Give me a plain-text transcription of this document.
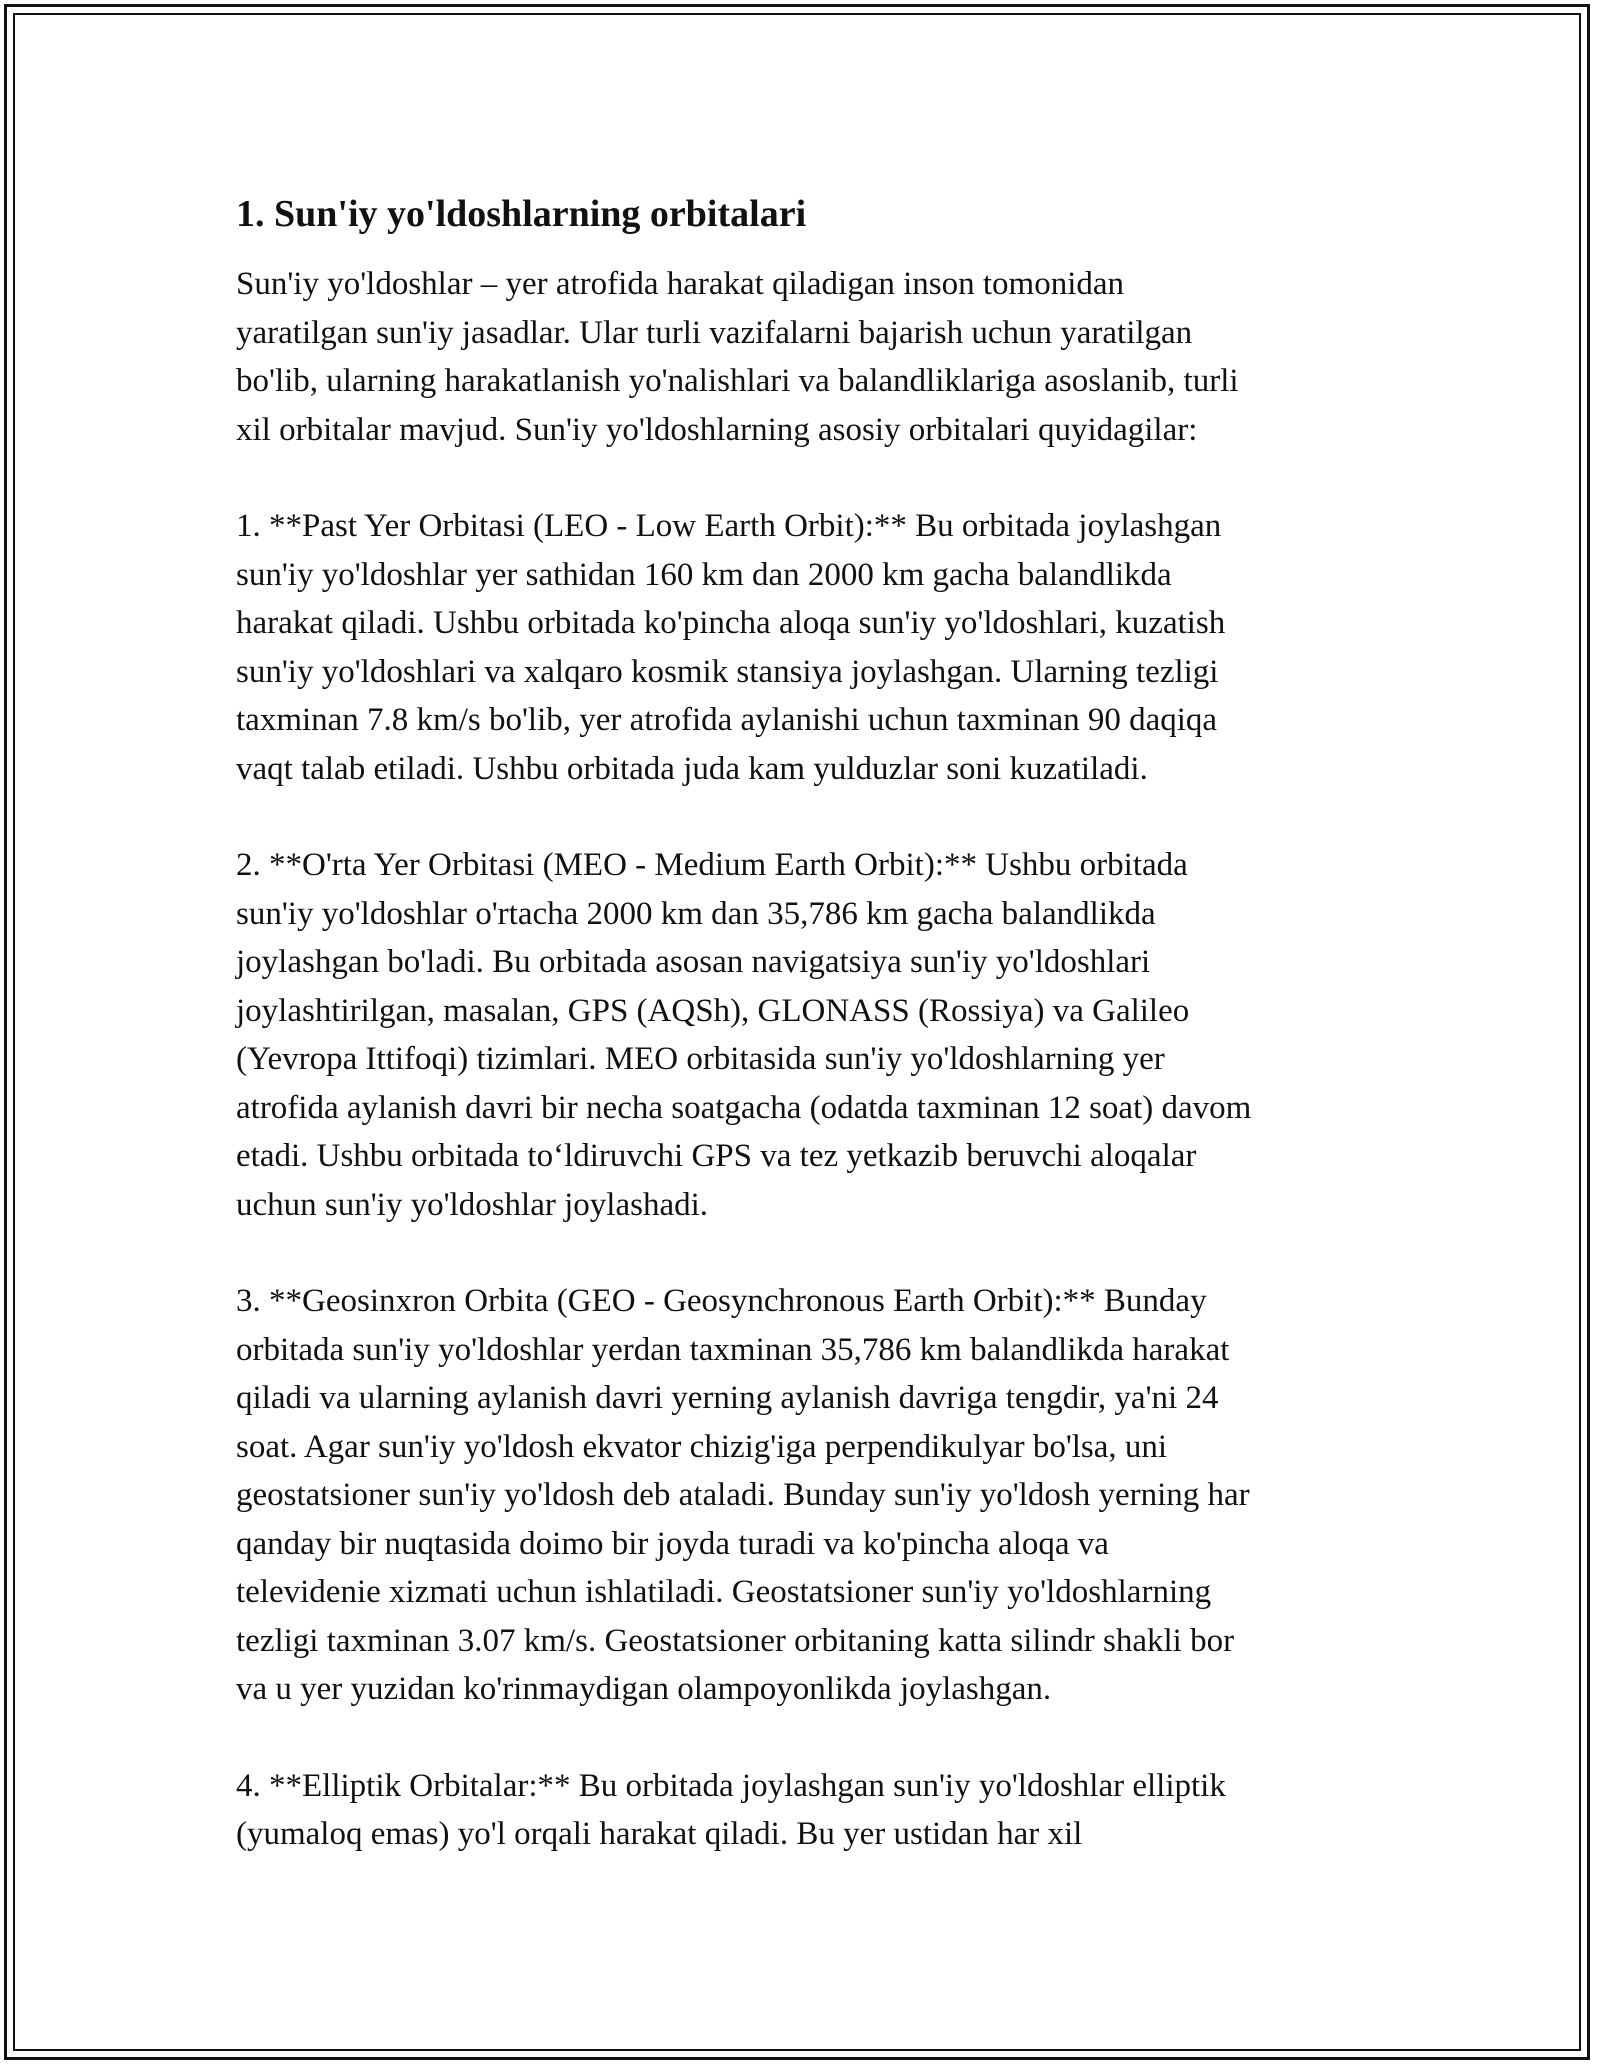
1. Sun'iy yo'ldoshlarning orbitalari

Sun'iy yo'ldoshlar – yer atrofida harakat qiladigan inson tomonidan
yaratilgan sun'iy jasadlar. Ular turli vazifalarni bajarish uchun yaratilgan
bo'lib, ularning harakatlanish yo'nalishlari va balandliklariga asoslanib, turli
xil orbitalar mavjud. Sun'iy yo'ldoshlarning asosiy orbitalari quyidagilar:

1. **Past Yer Orbitasi (LEO - Low Earth Orbit):** Bu orbitada joylashgan
sun'iy yo'ldoshlar yer sathidan 160 km dan 2000 km gacha balandlikda
harakat qiladi. Ushbu orbitada ko'pincha aloqa sun'iy yo'ldoshlari, kuzatish
sun'iy yo'ldoshlari va xalqaro kosmik stansiya joylashgan. Ularning tezligi
taxminan 7.8 km/s bo'lib, yer atrofida aylanishi uchun taxminan 90 daqiqa
vaqt talab etiladi. Ushbu orbitada juda kam yulduzlar soni kuzatiladi.

2. **O'rta Yer Orbitasi (MEO - Medium Earth Orbit):** Ushbu orbitada
sun'iy yo'ldoshlar o'rtacha 2000 km dan 35,786 km gacha balandlikda
joylashgan bo'ladi. Bu orbitada asosan navigatsiya sun'iy yo'ldoshlari
joylashtirilgan, masalan, GPS (AQSh), GLONASS (Rossiya) va Galileo
(Yevropa Ittifoqi) tizimlari. MEO orbitasida sun'iy yo'ldoshlarning yer
atrofida aylanish davri bir necha soatgacha (odatda taxminan 12 soat) davom
etadi. Ushbu orbitada to‘ldiruvchi GPS va tez yetkazib beruvchi aloqalar
uchun sun'iy yo'ldoshlar joylashadi.

3. **Geosinxron Orbita (GEO - Geosynchronous Earth Orbit):** Bunday
orbitada sun'iy yo'ldoshlar yerdan taxminan 35,786 km balandlikda harakat
qiladi va ularning aylanish davri yerning aylanish davriga tengdir, ya'ni 24
soat. Agar sun'iy yo'ldosh ekvator chizig'iga perpendikulyar bo'lsa, uni
geostatsioner sun'iy yo'ldosh deb ataladi. Bunday sun'iy yo'ldosh yerning har
qanday bir nuqtasida doimo bir joyda turadi va ko'pincha aloqa va
televidenie xizmati uchun ishlatiladi. Geostatsioner sun'iy yo'ldoshlarning
tezligi taxminan 3.07 km/s. Geostatsioner orbitaning katta silindr shakli bor
va u yer yuzidan ko'rinmaydigan olampoyonlikda joylashgan.

4. **Elliptik Orbitalar:** Bu orbitada joylashgan sun'iy yo'ldoshlar elliptik
(yumaloq emas) yo'l orqali harakat qiladi. Bu yer ustidan har xil
